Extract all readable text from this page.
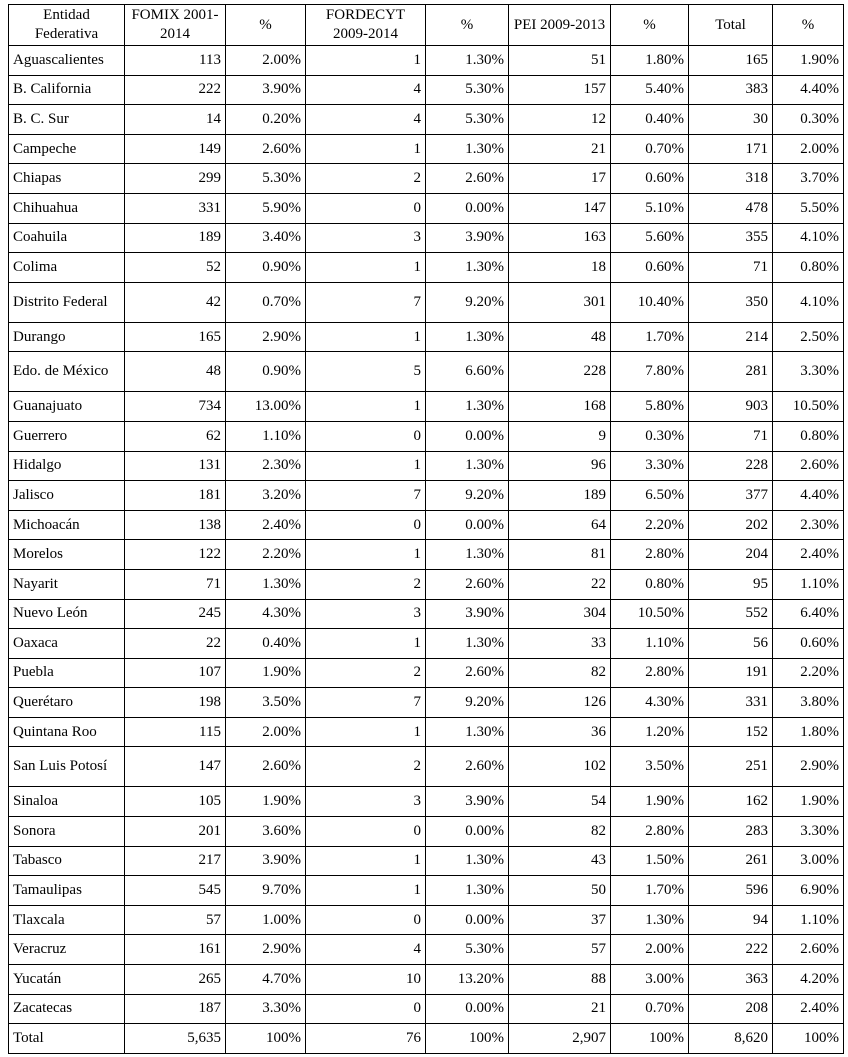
Entidad Federativa	FOMIX 2001-2014	%	FORDECYT 2009-2014	%	PEI 2009-2013	%	Total	%
Aguascalientes	113	2.00%	1	1.30%	51	1.80%	165	1.90%
B. California	222	3.90%	4	5.30%	157	5.40%	383	4.40%
B. C. Sur	14	0.20%	4	5.30%	12	0.40%	30	0.30%
Campeche	149	2.60%	1	1.30%	21	0.70%	171	2.00%
Chiapas	299	5.30%	2	2.60%	17	0.60%	318	3.70%
Chihuahua	331	5.90%	0	0.00%	147	5.10%	478	5.50%
Coahuila	189	3.40%	3	3.90%	163	5.60%	355	4.10%
Colima	52	0.90%	1	1.30%	18	0.60%	71	0.80%
Distrito Federal	42	0.70%	7	9.20%	301	10.40%	350	4.10%
Durango	165	2.90%	1	1.30%	48	1.70%	214	2.50%
Edo. de México	48	0.90%	5	6.60%	228	7.80%	281	3.30%
Guanajuato	734	13.00%	1	1.30%	168	5.80%	903	10.50%
Guerrero	62	1.10%	0	0.00%	9	0.30%	71	0.80%
Hidalgo	131	2.30%	1	1.30%	96	3.30%	228	2.60%
Jalisco	181	3.20%	7	9.20%	189	6.50%	377	4.40%
Michoacán	138	2.40%	0	0.00%	64	2.20%	202	2.30%
Morelos	122	2.20%	1	1.30%	81	2.80%	204	2.40%
Nayarit	71	1.30%	2	2.60%	22	0.80%	95	1.10%
Nuevo León	245	4.30%	3	3.90%	304	10.50%	552	6.40%
Oaxaca	22	0.40%	1	1.30%	33	1.10%	56	0.60%
Puebla	107	1.90%	2	2.60%	82	2.80%	191	2.20%
Querétaro	198	3.50%	7	9.20%	126	4.30%	331	3.80%
Quintana Roo	115	2.00%	1	1.30%	36	1.20%	152	1.80%
San Luis Potosí	147	2.60%	2	2.60%	102	3.50%	251	2.90%
Sinaloa	105	1.90%	3	3.90%	54	1.90%	162	1.90%
Sonora	201	3.60%	0	0.00%	82	2.80%	283	3.30%
Tabasco	217	3.90%	1	1.30%	43	1.50%	261	3.00%
Tamaulipas	545	9.70%	1	1.30%	50	1.70%	596	6.90%
Tlaxcala	57	1.00%	0	0.00%	37	1.30%	94	1.10%
Veracruz	161	2.90%	4	5.30%	57	2.00%	222	2.60%
Yucatán	265	4.70%	10	13.20%	88	3.00%	363	4.20%
Zacatecas	187	3.30%	0	0.00%	21	0.70%	208	2.40%
Total	5,635	100%	76	100%	2,907	100%	8,620	100%
